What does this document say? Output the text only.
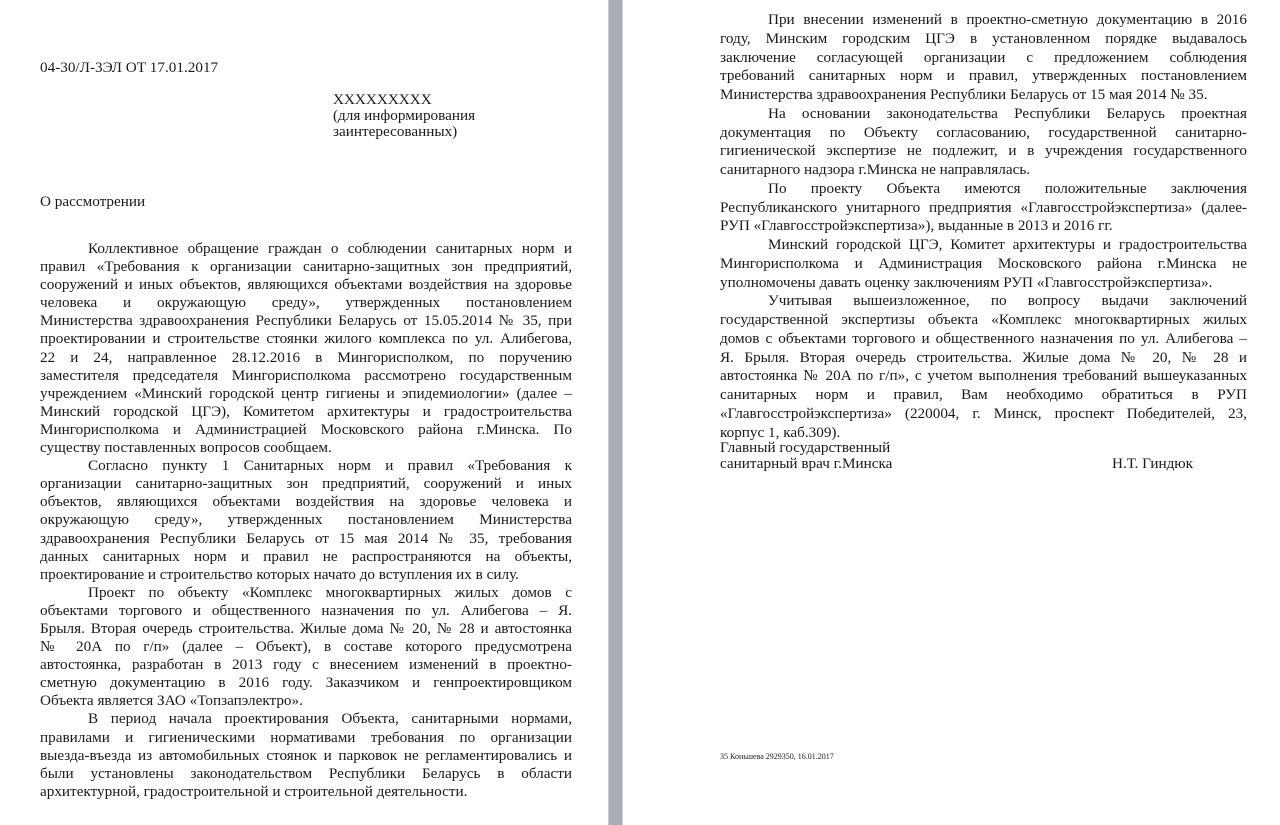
04-30/Л-3ЭЛ ОТ 17.01.2017
XXXXXXXXX
(для информирования
заинтересованных)
О рассмотрении
Коллективное обращение граждан о соблюдении санитарных норм и
правил «Требования к организации санитарно-защитных зон предприятий,
сооружений и иных объектов, являющихся объектами воздействия на здоровье
человека и окружающую среду», утвержденных постановлением
Министерства здравоохранения Республики Беларусь от 15.05.2014 № 35, при
проектировании и строительстве стоянки жилого комплекса по ул. Алибегова,
22 и 24, направленное 28.12.2016 в Мингорисполком, по поручению
заместителя председателя Мингорисполкома рассмотрено государственным
учреждением «Минский городской центр гигиены и эпидемиологии» (далее –
Минский городской ЦГЭ), Комитетом архитектуры и градостроительства
Мингорисполкома и Администрацией Московского района г.Минска. По
существу поставленных вопросов сообщаем.
Согласно пункту 1 Санитарных норм и правил «Требования к
организации санитарно-защитных зон предприятий, сооружений и иных
объектов, являющихся объектами воздействия на здоровье человека и
окружающую среду», утвержденных постановлением Министерства
здравоохранения Республики Беларусь от 15 мая 2014 № 35, требования
данных санитарных норм и правил не распространяются на объекты,
проектирование и строительство которых начато до вступления их в силу.
Проект по объекту «Комплекс многоквартирных жилых домов с
объектами торгового и общественного назначения по ул. Алибегова – Я.
Брыля. Вторая очередь строительства. Жилые дома № 20, № 28 и автостоянка
№ 20А по г/п» (далее – Объект), в составе которого предусмотрена
автостоянка, разработан в 2013 году с внесением изменений в проектно-
сметную документацию в 2016 году. Заказчиком и генпроектировщиком
Объекта является ЗАО «Топзапэлектро».
В период начала проектирования Объекта, санитарными нормами,
правилами и гигиеническими нормативами требования по организации
выезда-въезда из автомобильных стоянок и парковок не регламентировались и
были установлены законодательством Республики Беларусь в области
архитектурной, градостроительной и строительной деятельности.
При внесении изменений в проектно-сметную документацию в 2016
году, Минским городским ЦГЭ в установленном порядке выдавалось
заключение согласующей организации с предложением соблюдения
требований санитарных норм и правил, утвержденных постановлением
Министерства здравоохранения Республики Беларусь от 15 мая 2014 № 35.
На основании законодательства Республики Беларусь проектная
документация по Объекту согласованию, государственной санитарно-
гигиенической экспертизе не подлежит, и в учреждения государственного
санитарного надзора г.Минска не направлялась.
По проекту Объекта имеются положительные заключения
Республиканского унитарного предприятия «Главгосстройэкспертиза» (далее-
РУП «Главгосстройэкспертиза»), выданные в 2013 и 2016 гг.
Минский городской ЦГЭ, Комитет архитектуры и градостроительства
Мингорисполкома и Администрация Московского района г.Минска не
уполномочены давать оценку заключениям РУП «Главгосстройэкспертиза».
Учитывая вышеизложенное, по вопросу выдачи заключений
государственной экспертизы объекта «Комплекс многоквартирных жилых
домов с объектами торгового и общественного назначения по ул. Алибегова –
Я. Брыля. Вторая очередь строительства. Жилые дома № 20, № 28 и
автостоянка № 20А по г/п», с учетом выполнения требований вышеуказанных
санитарных норм и правил, Вам необходимо обратиться в РУП
«Главгосстройэкспертиза» (220004, г. Минск, проспект Победителей, 23,
корпус 1, каб.309).
Главный государственный
санитарный врач г.Минска	Н.Т. Гиндюк
35 Коньшева 2929350, 16.01.2017
